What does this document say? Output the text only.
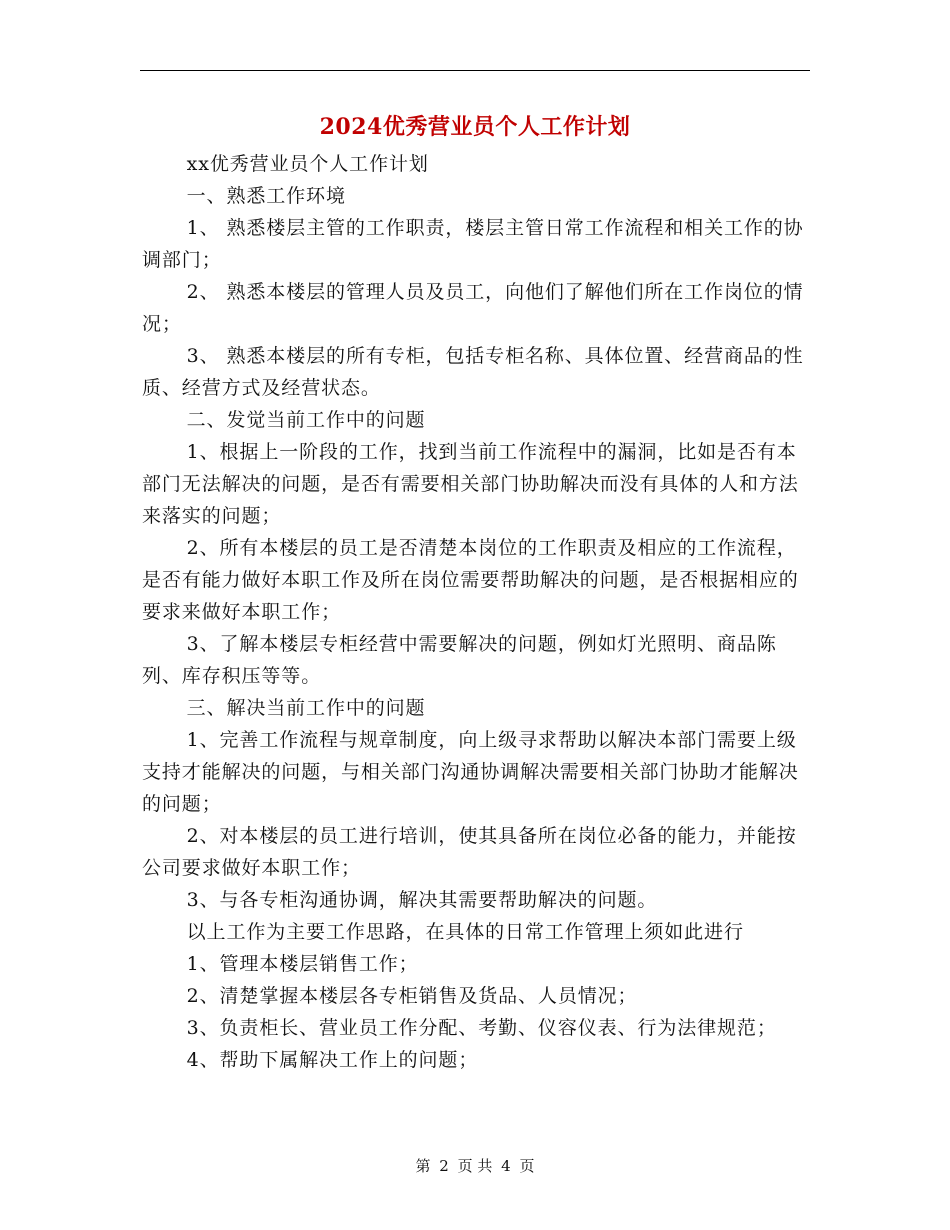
2024优秀营业员个人工作计划

xx优秀营业员个人工作计划

一、熟悉工作环境

1、 熟悉楼层主管的工作职责，楼层主管日常工作流程和相关工作的协调部门；

2、 熟悉本楼层的管理人员及员工，向他们了解他们所在工作岗位的情况；

3、 熟悉本楼层的所有专柜，包括专柜名称、具体位置、经营商品的性质、经营方式及经营状态。

二、发觉当前工作中的问题

1、根据上一阶段的工作，找到当前工作流程中的漏洞，比如是否有本部门无法解决的问题，是否有需要相关部门协助解决而没有具体的人和方法来落实的问题；

2、所有本楼层的员工是否清楚本岗位的工作职责及相应的工作流程，是否有能力做好本职工作及所在岗位需要帮助解决的问题，是否根据相应的要求来做好本职工作；

3、了解本楼层专柜经营中需要解决的问题，例如灯光照明、商品陈列、库存积压等等。

三、解决当前工作中的问题

1、完善工作流程与规章制度，向上级寻求帮助以解决本部门需要上级支持才能解决的问题，与相关部门沟通协调解决需要相关部门协助才能解决的问题；

2、对本楼层的员工进行培训，使其具备所在岗位必备的能力，并能按公司要求做好本职工作；

3、与各专柜沟通协调，解决其需要帮助解决的问题。

以上工作为主要工作思路，在具体的日常工作管理上须如此进行

1、管理本楼层销售工作；

2、清楚掌握本楼层各专柜销售及货品、人员情况；

3、负责柜长、营业员工作分配、考勤、仪容仪表、行为法律规范；

4、帮助下属解决工作上的问题；

第 2 页 共 4 页
